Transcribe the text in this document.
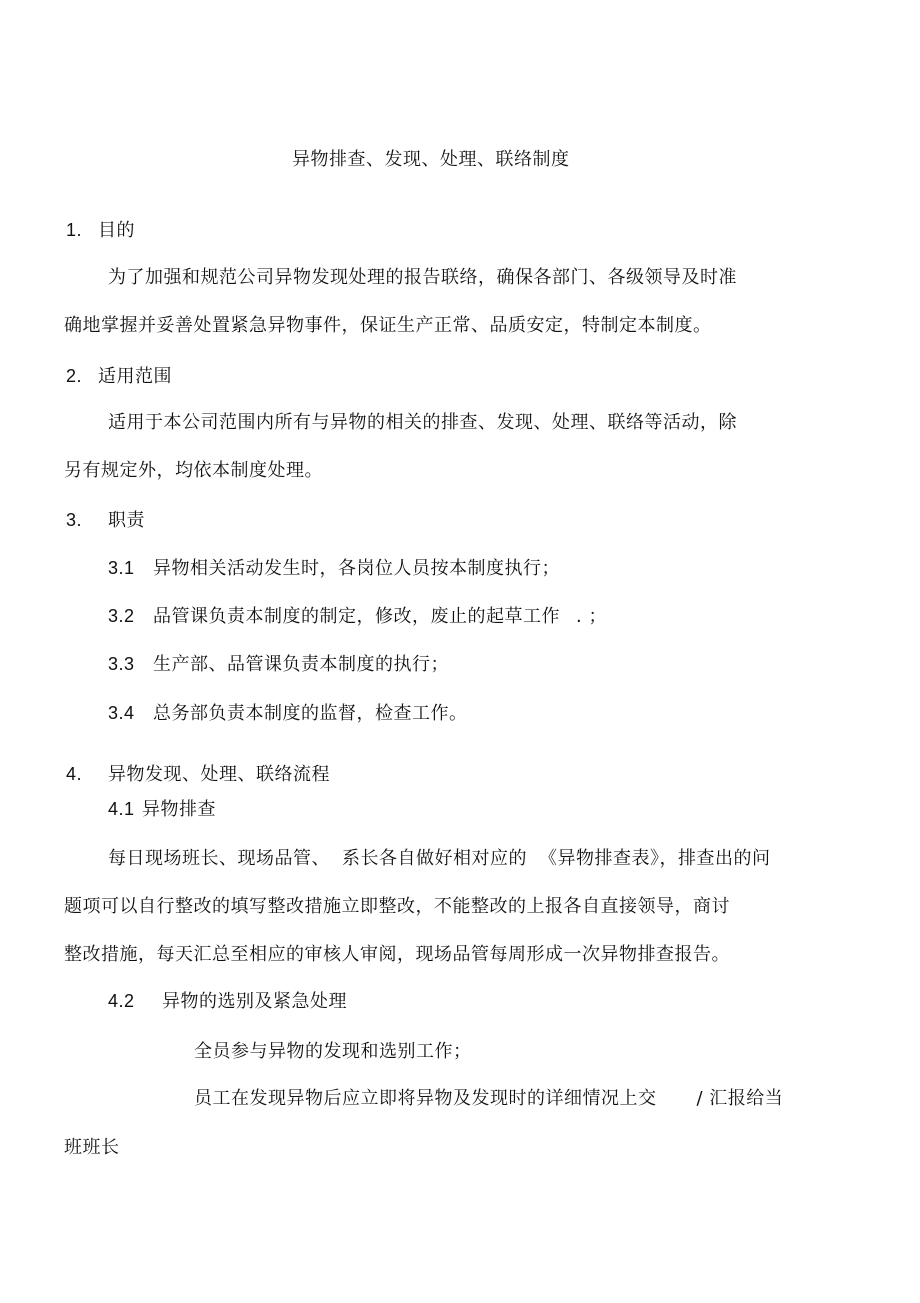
异物排查、发现、处理、联络制度
1. 目的
为了加强和规范公司异物发现处理的报告联络，确保各部门、各级领导及时准
确地掌握并妥善处置紧急异物事件，保证生产正常、品质安定，特制定本制度。
2. 适用范围
适用于本公司范围内所有与异物的相关的排查、发现、处理、联络等活动，除
另有规定外，均依本制度处理。
3. 职责
3.1 异物相关活动发生时，各岗位人员按本制度执行；
3.2 品管课负责本制度的制定，修改，废止的起草工作 . ；
3.3 生产部、品管课负责本制度的执行；
3.4 总务部负责本制度的监督，检查工作。
4. 异物发现、处理、联络流程
4.1 异物排查
每日现场班长、现场品管、 系长各自做好相对应的 《异物排查表》，排查出的问
题项可以自行整改的填写整改措施立即整改，不能整改的上报各自直接领导，商讨
整改措施，每天汇总至相应的审核人审阅，现场品管每周形成一次异物排查报告。
4.2 异物的选别及紧急处理
全员参与异物的发现和选别工作；
员工在发现异物后应立即将异物及发现时的详细情况上交 / 汇报给当
班班长
